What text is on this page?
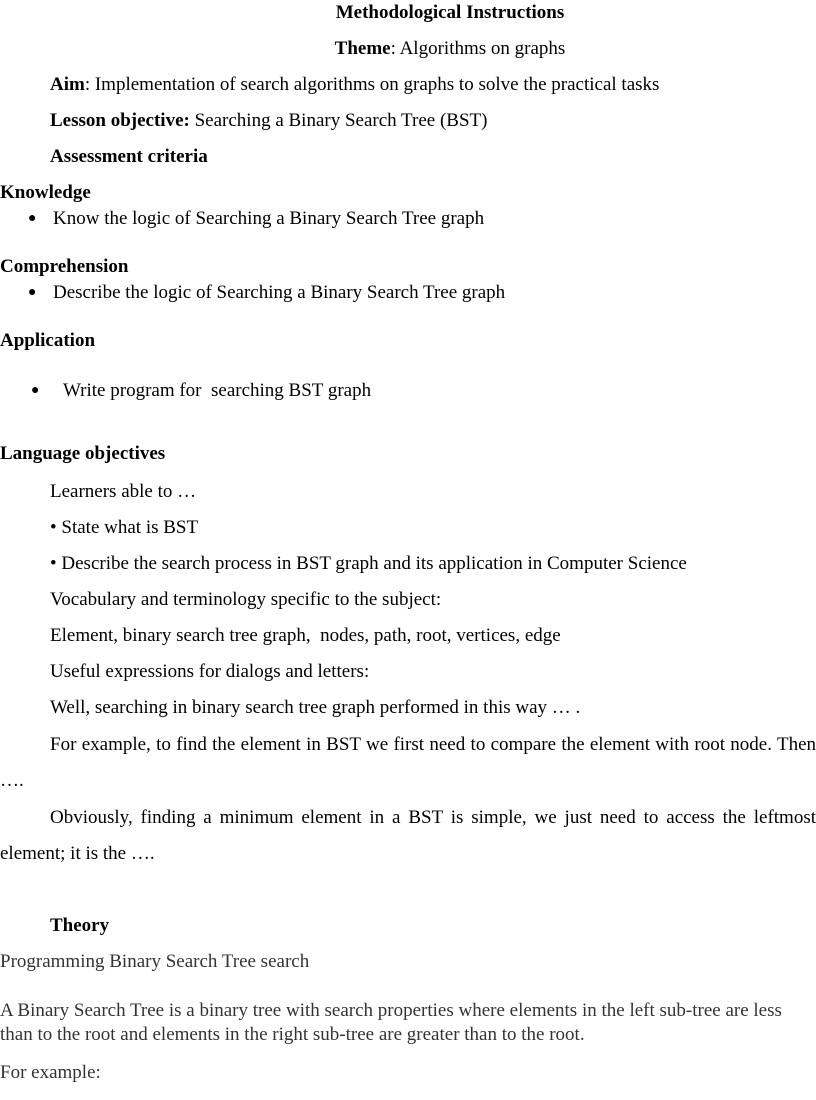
Methodological Instructions
Theme: Algorithms on graphs
Aim: Implementation of search algorithms on graphs to solve the practical tasks
Lesson objective: Searching a Binary Search Tree (BST)
Assessment criteria
Knowledge
● Know the logic of Searching a Binary Search Tree graph
Comprehension
● Describe the logic of Searching a Binary Search Tree graph
Application
● Write program for  searching BST graph
Language objectives
Learners able to …
• State what is BST
• Describe the search process in BST graph and its application in Computer Science
Vocabulary and terminology specific to the subject:
Element, binary search tree graph,  nodes, path, root, vertices, edge
Useful expressions for dialogs and letters:
Well, searching in binary search tree graph performed in this way … .
For example, to find the element in BST we first need to compare the element with root node. Then ….
Obviously, finding a minimum element in a BST is simple, we just need to access the leftmost element; it is the ….
Theory
Programming Binary Search Tree search
A Binary Search Tree is a binary tree with search properties where elements in the left sub-tree are less than to the root and elements in the right sub-tree are greater than to the root.
For example:
